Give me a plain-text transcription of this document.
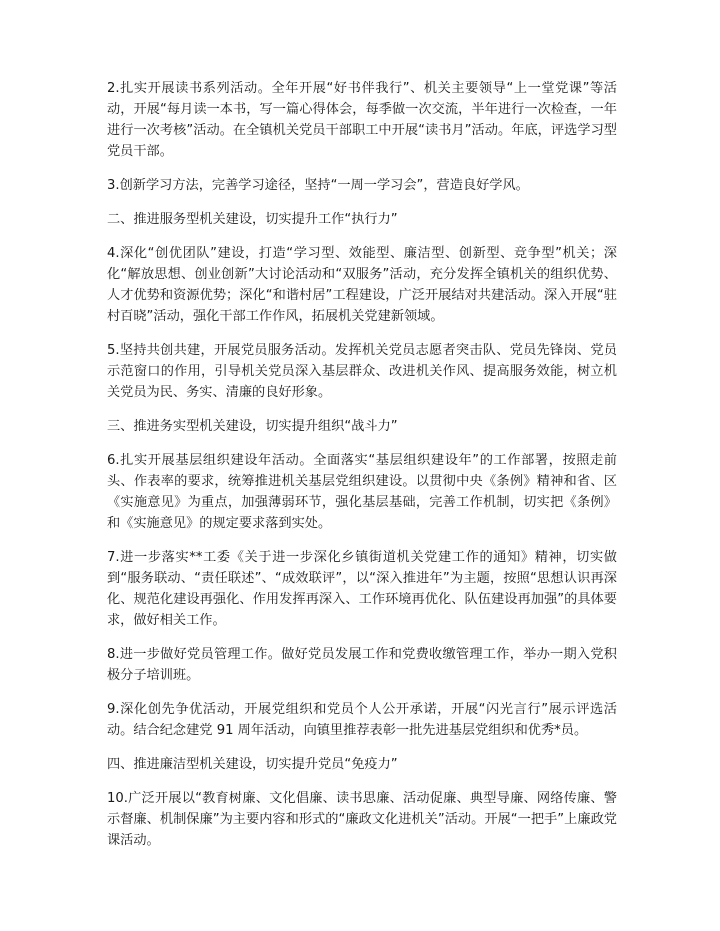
2.扎实开展读书系列活动。全年开展“好书伴我行”、机关主要领导“上一堂党课”等活动，开展“每月读一本书，写一篇心得体会，每季做一次交流，半年进行一次检查，一年进行一次考核”活动。在全镇机关党员干部职工中开展“读书月”活动。年底，评选学习型党员干部。

3.创新学习方法，完善学习途径，坚持“一周一学习会”，营造良好学风。

二、推进服务型机关建设，切实提升工作“执行力”

4.深化“创优团队”建设，打造“学习型、效能型、廉洁型、创新型、竞争型”机关；深化“解放思想、创业创新”大讨论活动和“双服务”活动，充分发挥全镇机关的组织优势、人才优势和资源优势；深化“和谐村居”工程建设，广泛开展结对共建活动。深入开展“驻村百晓”活动，强化干部工作作风，拓展机关党建新领域。

5.坚持共创共建，开展党员服务活动。发挥机关党员志愿者突击队、党员先锋岗、党员示范窗口的作用，引导机关党员深入基层群众、改进机关作风、提高服务效能，树立机关党员为民、务实、清廉的良好形象。

三、推进务实型机关建设，切实提升组织“战斗力”

6.扎实开展基层组织建设年活动。全面落实“基层组织建设年”的工作部署，按照走前头、作表率的要求，统筹推进机关基层党组织建设。以贯彻中央《条例》精神和省、区《实施意见》为重点，加强薄弱环节，强化基层基础，完善工作机制，切实把《条例》和《实施意见》的规定要求落到实处。

7.进一步落实**工委《关于进一步深化乡镇街道机关党建工作的通知》精神，切实做到“服务联动、“责任联述”、“成效联评”，以“深入推进年”为主题，按照“思想认识再深化、规范化建设再强化、作用发挥再深入、工作环境再优化、队伍建设再加强”的具体要求，做好相关工作。

8.进一步做好党员管理工作。做好党员发展工作和党费收缴管理工作，举办一期入党积极分子培训班。

9.深化创先争优活动，开展党组织和党员个人公开承诺，开展“闪光言行”展示评选活动。结合纪念建党 91 周年活动，向镇里推荐表彰一批先进基层党组织和优秀*员。

四、推进廉洁型机关建设，切实提升党员“免疫力”

10.广泛开展以“教育树廉、文化倡廉、读书思廉、活动促廉、典型导廉、网络传廉、警示督廉、机制保廉”为主要内容和形式的“廉政文化进机关”活动。开展“一把手”上廉政党课活动。
